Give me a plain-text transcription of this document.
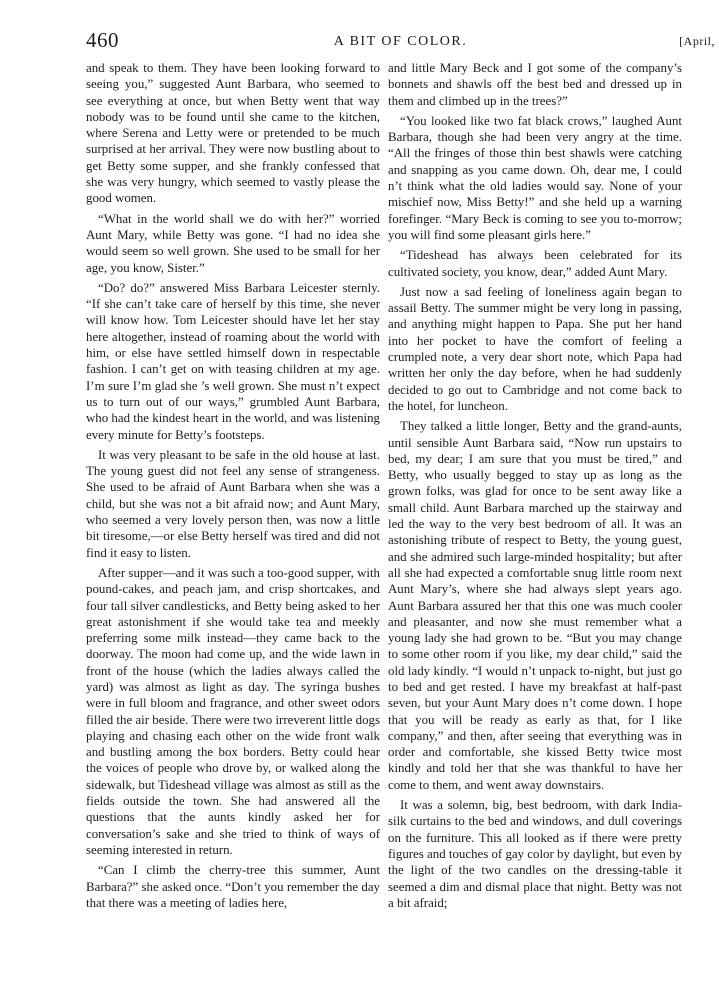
460	A BIT OF COLOR.	[April,

and speak to them. They have been looking forward to seeing you,” suggested Aunt Barbara, who seemed to see everything at once, but when Betty went that way nobody was to be found until she came to the kitchen, where Serena and Letty were or pretended to be much surprised at her arrival. They were now bustling about to get Betty some supper, and she frankly confessed that she was very hungry, which seemed to vastly please the good women.

“What in the world shall we do with her?” worried Aunt Mary, while Betty was gone. “I had no idea she would seem so well grown. She used to be small for her age, you know, Sister.”

“Do? do?” answered Miss Barbara Leicester sternly. “If she can’t take care of herself by this time, she never will know how. Tom Leicester should have let her stay here altogether, instead of roaming about the world with him, or else have settled himself down in respectable fashion. I can’t get on with teasing children at my age. I’m sure I’m glad she ’s well grown. She must n’t expect us to turn out of our ways,” grumbled Aunt Barbara, who had the kindest heart in the world, and was listening every minute for Betty’s footsteps.

It was very pleasant to be safe in the old house at last. The young guest did not feel any sense of strangeness. She used to be afraid of Aunt Barbara when she was a child, but she was not a bit afraid now; and Aunt Mary, who seemed a very lovely person then, was now a little bit tiresome,—or else Betty herself was tired and did not find it easy to listen.

After supper—and it was such a too-good supper, with pound-cakes, and peach jam, and crisp shortcakes, and four tall silver candlesticks, and Betty being asked to her great astonishment if she would take tea and meekly preferring some milk instead—they came back to the doorway. The moon had come up, and the wide lawn in front of the house (which the ladies always called the yard) was almost as light as day. The syringa bushes were in full bloom and fragrance, and other sweet odors filled the air beside. There were two irreverent little dogs playing and chasing each other on the wide front walk and bustling among the box borders. Betty could hear the voices of people who drove by, or walked along the sidewalk, but Tideshead village was almost as still as the fields outside the town. She had answered all the questions that the aunts kindly asked her for conversation’s sake and she tried to think of ways of seeming interested in return.

“Can I climb the cherry-tree this summer, Aunt Barbara?” she asked once. “Don’t you remember the day that there was a meeting of ladies here,

and little Mary Beck and I got some of the company’s bonnets and shawls off the best bed and dressed up in them and climbed up in the trees?”

“You looked like two fat black crows,” laughed Aunt Barbara, though she had been very angry at the time. “All the fringes of those thin best shawls were catching and snapping as you came down. Oh, dear me, I could n’t think what the old ladies would say. None of your mischief now, Miss Betty!” and she held up a warning forefinger. “Mary Beck is coming to see you to-morrow; you will find some pleasant girls here.”

“Tideshead has always been celebrated for its cultivated society, you know, dear,” added Aunt Mary.

Just now a sad feeling of loneliness again began to assail Betty. The summer might be very long in passing, and anything might happen to Papa. She put her hand into her pocket to have the comfort of feeling a crumpled note, a very dear short note, which Papa had written her only the day before, when he had suddenly decided to go out to Cambridge and not come back to the hotel, for luncheon.

They talked a little longer, Betty and the grand-aunts, until sensible Aunt Barbara said, “Now run upstairs to bed, my dear; I am sure that you must be tired,” and Betty, who usually begged to stay up as long as the grown folks, was glad for once to be sent away like a small child. Aunt Barbara marched up the stairway and led the way to the very best bedroom of all. It was an astonishing tribute of respect to Betty, the young guest, and she admired such large-minded hospitality; but after all she had expected a comfortable snug little room next Aunt Mary’s, where she had always slept years ago. Aunt Barbara assured her that this one was much cooler and pleasanter, and now she must remember what a young lady she had grown to be. “But you may change to some other room if you like, my dear child,” said the old lady kindly. “I would n’t unpack to-night, but just go to bed and get rested. I have my breakfast at half-past seven, but your Aunt Mary does n’t come down. I hope that you will be ready as early as that, for I like company,” and then, after seeing that everything was in order and comfortable, she kissed Betty twice most kindly and told her that she was thankful to have her come to them, and went away downstairs.

It was a solemn, big, best bedroom, with dark India-silk curtains to the bed and windows, and dull coverings on the furniture. This all looked as if there were pretty figures and touches of gay color by daylight, but even by the light of the two candles on the dressing-table it seemed a dim and dismal place that night. Betty was not a bit afraid;
